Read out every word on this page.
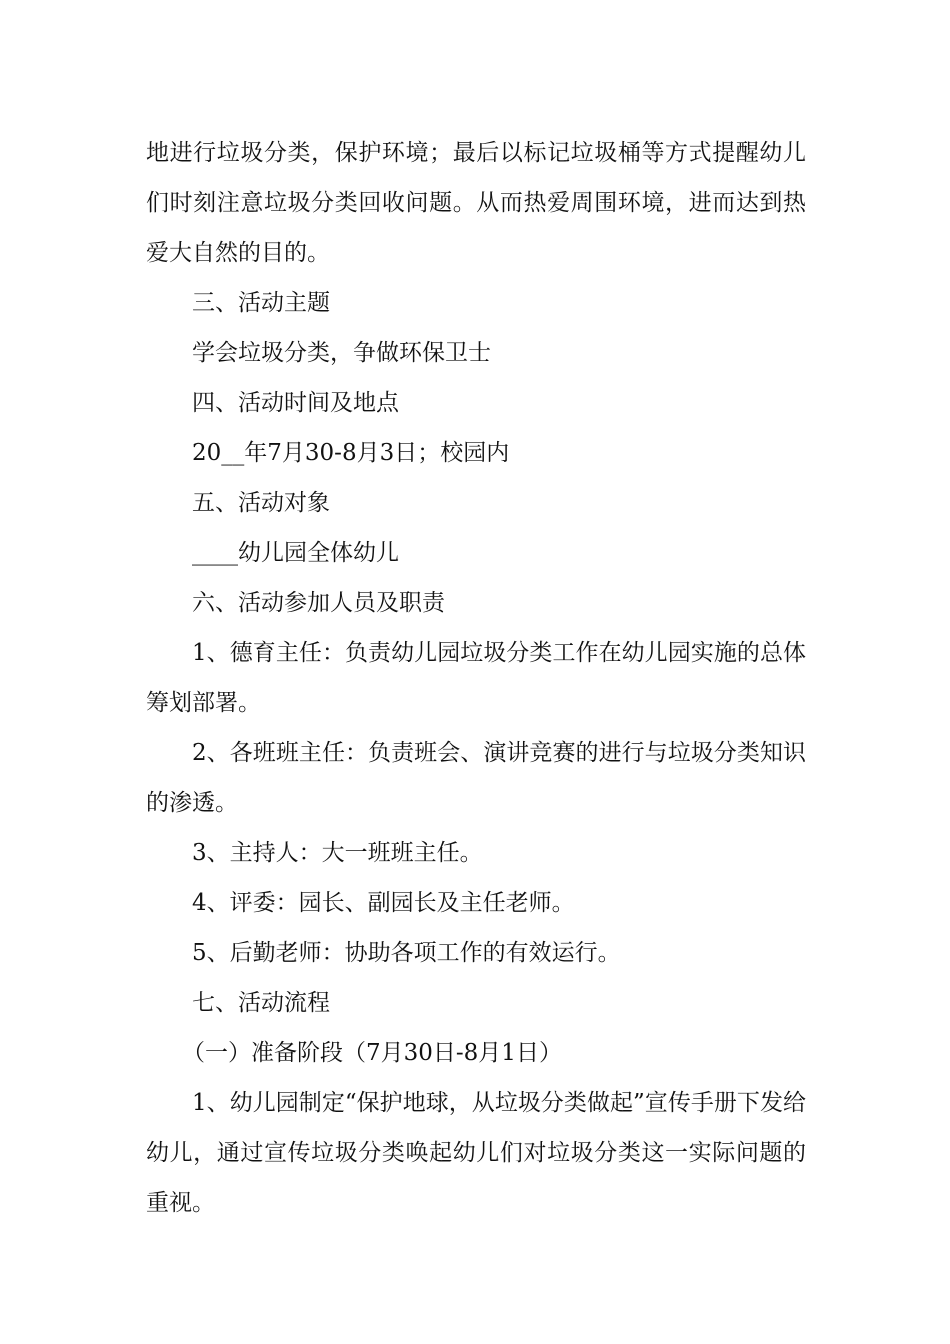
地进行垃圾分类，保护环境；最后以标记垃圾桶等方式提醒幼儿们时刻注意垃圾分类回收问题。从而热爱周围环境，进而达到热爱大自然的目的。

三、活动主题

学会垃圾分类，争做环保卫士

四、活动时间及地点

20__年7月30-8月3日；校园内

五、活动对象

____幼儿园全体幼儿

六、活动参加人员及职责

1、德育主任：负责幼儿园垃圾分类工作在幼儿园实施的总体筹划部署。

2、各班班主任：负责班会、演讲竞赛的进行与垃圾分类知识的渗透。

3、主持人：大一班班主任。

4、评委：园长、副园长及主任老师。

5、后勤老师：协助各项工作的有效运行。

七、活动流程

（一）准备阶段（7月30日-8月1日）

1、幼儿园制定“保护地球，从垃圾分类做起”宣传手册下发给幼儿，通过宣传垃圾分类唤起幼儿们对垃圾分类这一实际问题的重视。
